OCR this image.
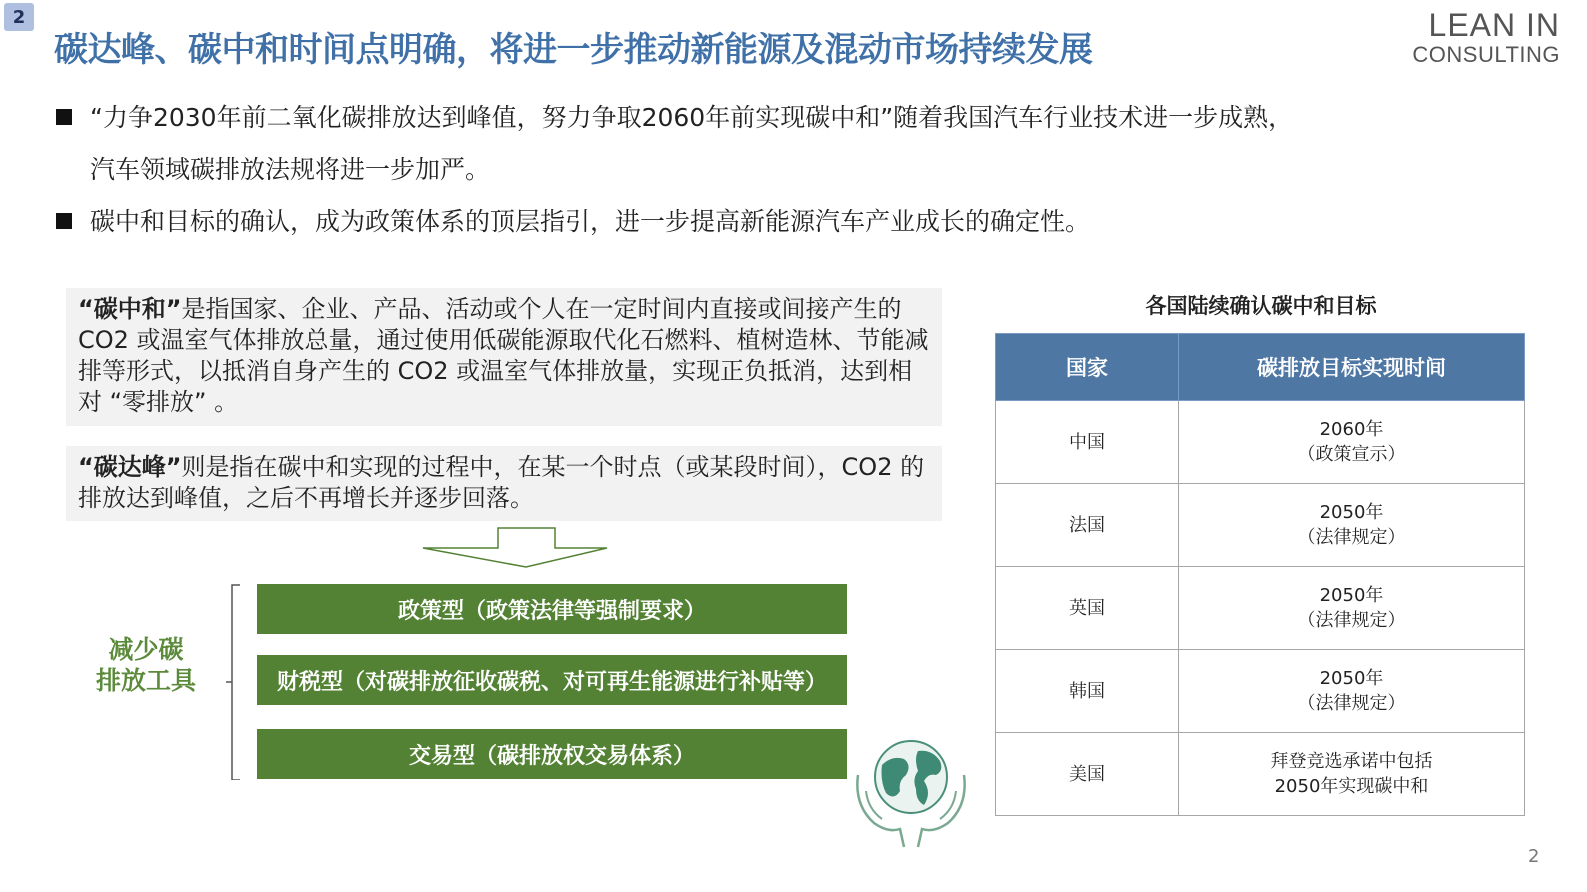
2
碳达峰、碳中和时间点明确，将进一步推动新能源及混动市场持续发展
LEAN IN
CONSULTING
“力争2030年前二氧化碳排放达到峰值，努力争取2060年前实现碳中和”随着我国汽车行业技术进一步成熟，
汽车领域碳排放法规将进一步加严。
碳中和目标的确认，成为政策体系的顶层指引，进一步提高新能源汽车产业成长的确定性。
“碳中和”是指国家、企业、产品、活动或个人在一定时间内直接或间接产生的 CO2 或温室气体排放总量，通过使用低碳能源取代化石燃料、植树造林、节能减排等形式，以抵消自身产生的 CO2 或温室气体排放量，实现正负抵消，达到相对 “零排放” 。
“碳达峰”则是指在碳中和实现的过程中，在某一个时点（或某段时间），CO2 的排放达到峰值，之后不再增长并逐步回落。
减少碳
排放工具
政策型（政策法律等强制要求）
财税型（对碳排放征收碳税、对可再生能源进行补贴等）
交易型（碳排放权交易体系）
各国陆续确认碳中和目标
国家	碳排放目标实现时间
中国	2060年
（政策宣示）

法国	2050年
（法律规定）

英国	2050年
（法律规定）

韩国	2050年
（法律规定）

美国	拜登竞选承诺中包括
2050年实现碳中和
2
